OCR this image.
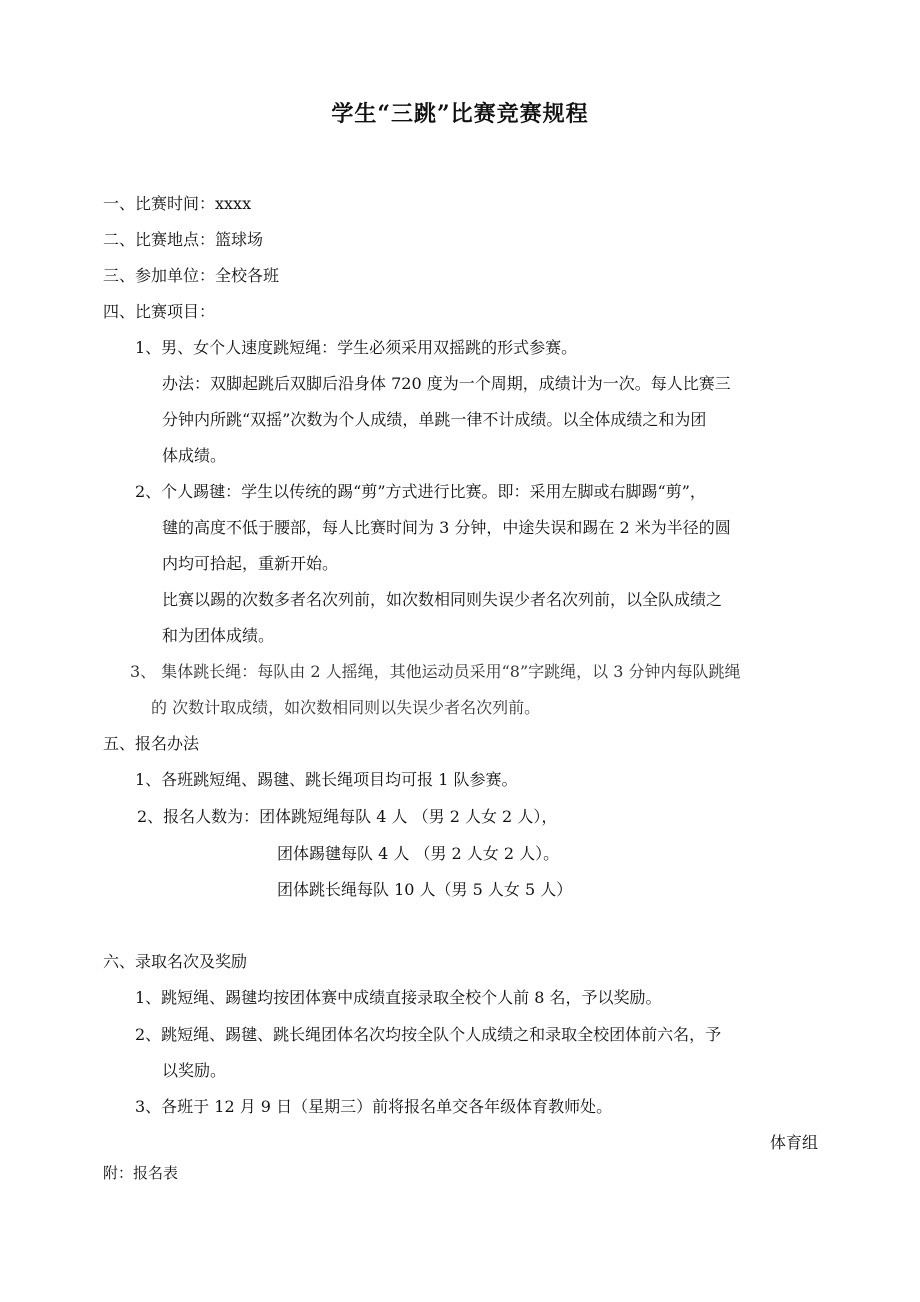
学生“三跳”比赛竞赛规程
一、比赛时间：xxxx
二、比赛地点：篮球场
三、参加单位：全校各班
四、比赛项目：
1、男、女个人速度跳短绳：学生必须采用双摇跳的形式参赛。
办法：双脚起跳后双脚后沿身体 720 度为一个周期，成绩计为一次。每人比赛三
分钟内所跳“双摇”次数为个人成绩，单跳一律不计成绩。以全体成绩之和为团
体成绩。
2、个人踢毽：学生以传统的踢“剪”方式进行比赛。即：采用左脚或右脚踢“剪”，
毽的高度不低于腰部，每人比赛时间为 3 分钟，中途失误和踢在 2 米为半径的圆
内均可拾起，重新开始。
比赛以踢的次数多者名次列前，如次数相同则失误少者名次列前，以全队成绩之
和为团体成绩。
3、 集体跳长绳：每队由 2 人摇绳，其他运动员采用“8”字跳绳，以 3 分钟内每队跳绳
的 次数计取成绩，如次数相同则以失误少者名次列前。
五、报名办法
1、各班跳短绳、踢毽、跳长绳项目均可报 1 队参赛。
2、报名人数为：团体跳短绳每队 4 人 （男 2 人女 2 人），
团体踢毽每队 4 人 （男 2 人女 2 人）。
团体跳长绳每队 10 人（男 5 人女 5 人）
六、录取名次及奖励
1、跳短绳、踢毽均按团体赛中成绩直接录取全校个人前 8 名，予以奖励。
2、跳短绳、踢毽、跳长绳团体名次均按全队个人成绩之和录取全校团体前六名，予
以奖励。
3、各班于 12 月 9 日（星期三）前将报名单交各年级体育教师处。
体育组
附：报名表
